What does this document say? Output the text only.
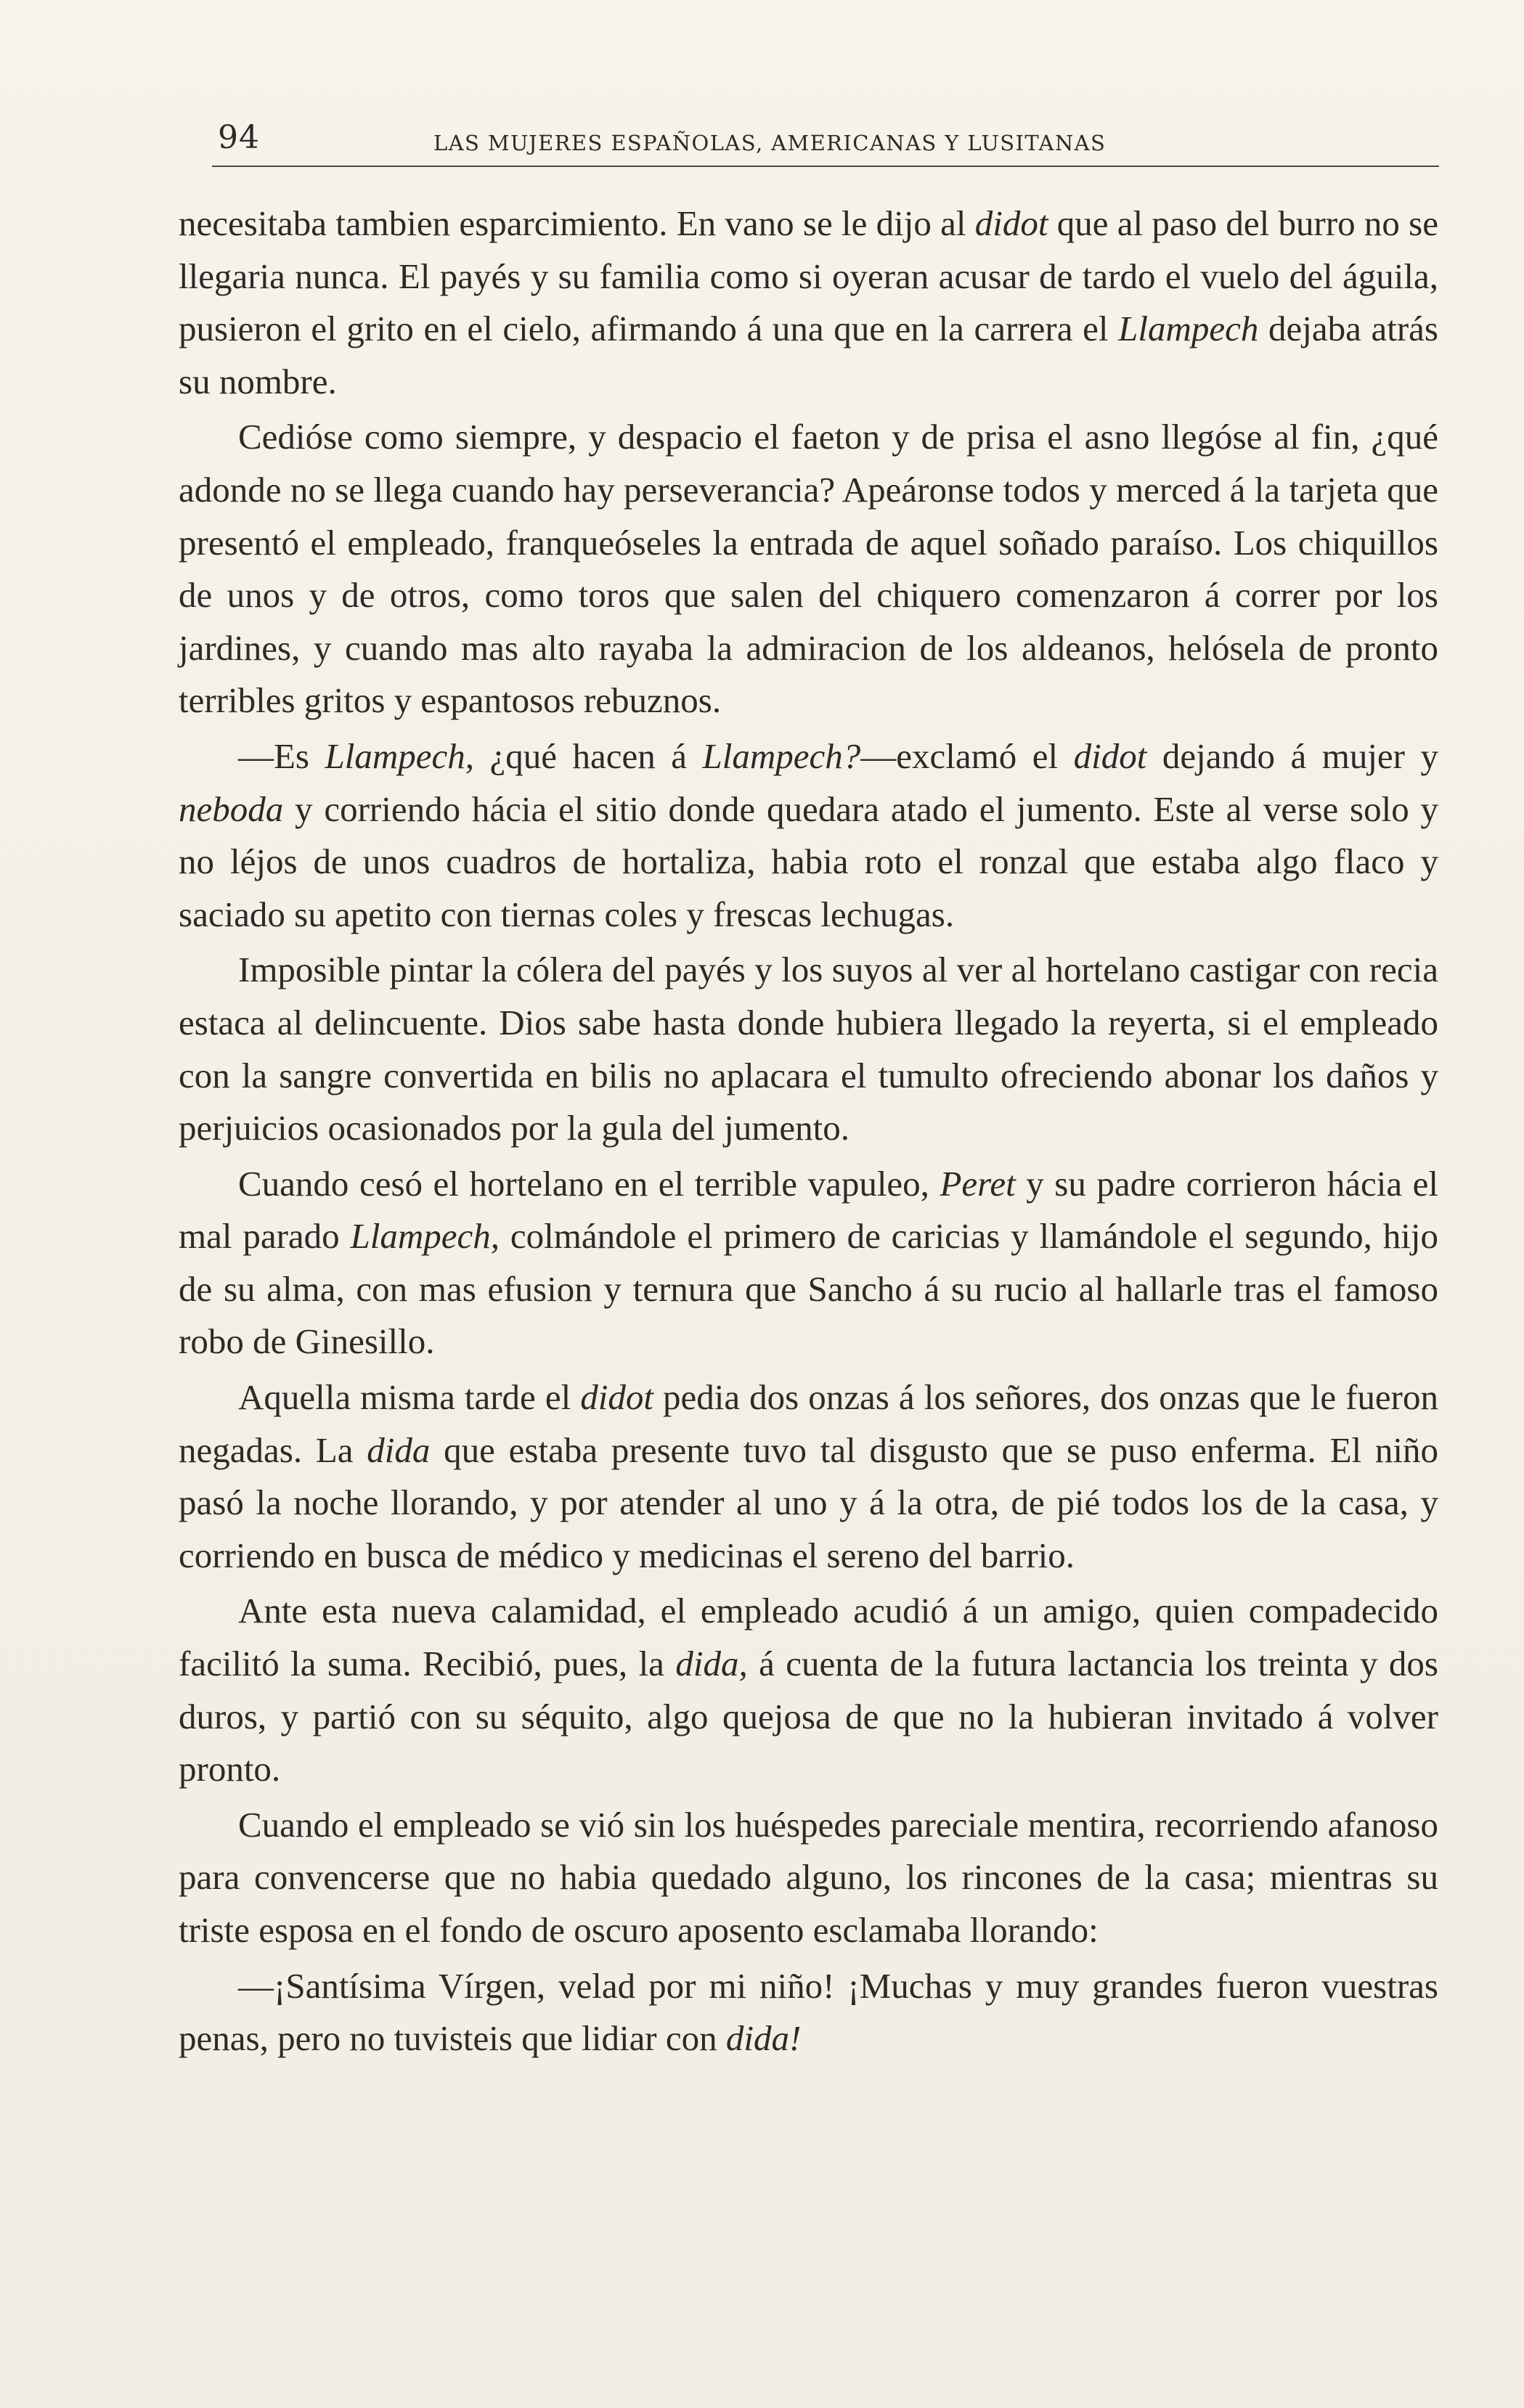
94	LAS MUJERES ESPAÑOLAS, AMERICANAS Y LUSITANAS

necesitaba tambien esparcimiento. En vano se le dijo al didot que al paso del burro no se llegaria nunca. El payés y su familia como si oyeran acusar de tardo el vuelo del águila, pusieron el grito en el cielo, afirmando á una que en la carrera el Llampech dejaba atrás su nombre.

Cedióse como siempre, y despacio el faeton y de prisa el asno llegóse al fin, ¿qué adonde no se llega cuando hay perseverancia? Apeáronse todos y merced á la tarjeta que presentó el empleado, franqueóseles la entrada de aquel soñado paraíso. Los chiquillos de unos y de otros, como toros que salen del chiquero comenzaron á correr por los jardines, y cuando mas alto rayaba la admiracion de los aldeanos, helósela de pronto terribles gritos y espantosos rebuznos.

—Es Llampech, ¿qué hacen á Llampech?—exclamó el didot dejando á mujer y neboda y corriendo hácia el sitio donde quedara atado el jumento. Este al verse solo y no léjos de unos cuadros de hortaliza, habia roto el ronzal que estaba algo flaco y saciado su apetito con tiernas coles y frescas lechugas.

Imposible pintar la cólera del payés y los suyos al ver al hortelano castigar con recia estaca al delincuente. Dios sabe hasta donde hubiera llegado la reyerta, si el empleado con la sangre convertida en bilis no aplacara el tumulto ofreciendo abonar los daños y perjuicios ocasionados por la gula del jumento.

Cuando cesó el hortelano en el terrible vapuleo, Peret y su padre corrieron hácia el mal parado Llampech, colmándole el primero de caricias y llamándole el segundo, hijo de su alma, con mas efusion y ternura que Sancho á su rucio al hallarle tras el famoso robo de Ginesillo.

Aquella misma tarde el didot pedia dos onzas á los señores, dos onzas que le fueron negadas. La dida que estaba presente tuvo tal disgusto que se puso enferma. El niño pasó la noche llorando, y por atender al uno y á la otra, de pié todos los de la casa, y corriendo en busca de médico y medicinas el sereno del barrio.

Ante esta nueva calamidad, el empleado acudió á un amigo, quien compadecido facilitó la suma. Recibió, pues, la dida, á cuenta de la futura lactancia los treinta y dos duros, y partió con su séquito, algo quejosa de que no la hubieran invitado á volver pronto.

Cuando el empleado se vió sin los huéspedes pareciale mentira, recorriendo afanoso para convencerse que no habia quedado alguno, los rincones de la casa; mientras su triste esposa en el fondo de oscuro aposento esclamaba llorando:

—¡Santísima Vírgen, velad por mi niño! ¡Muchas y muy grandes fueron vuestras penas, pero no tuvisteis que lidiar con dida!
